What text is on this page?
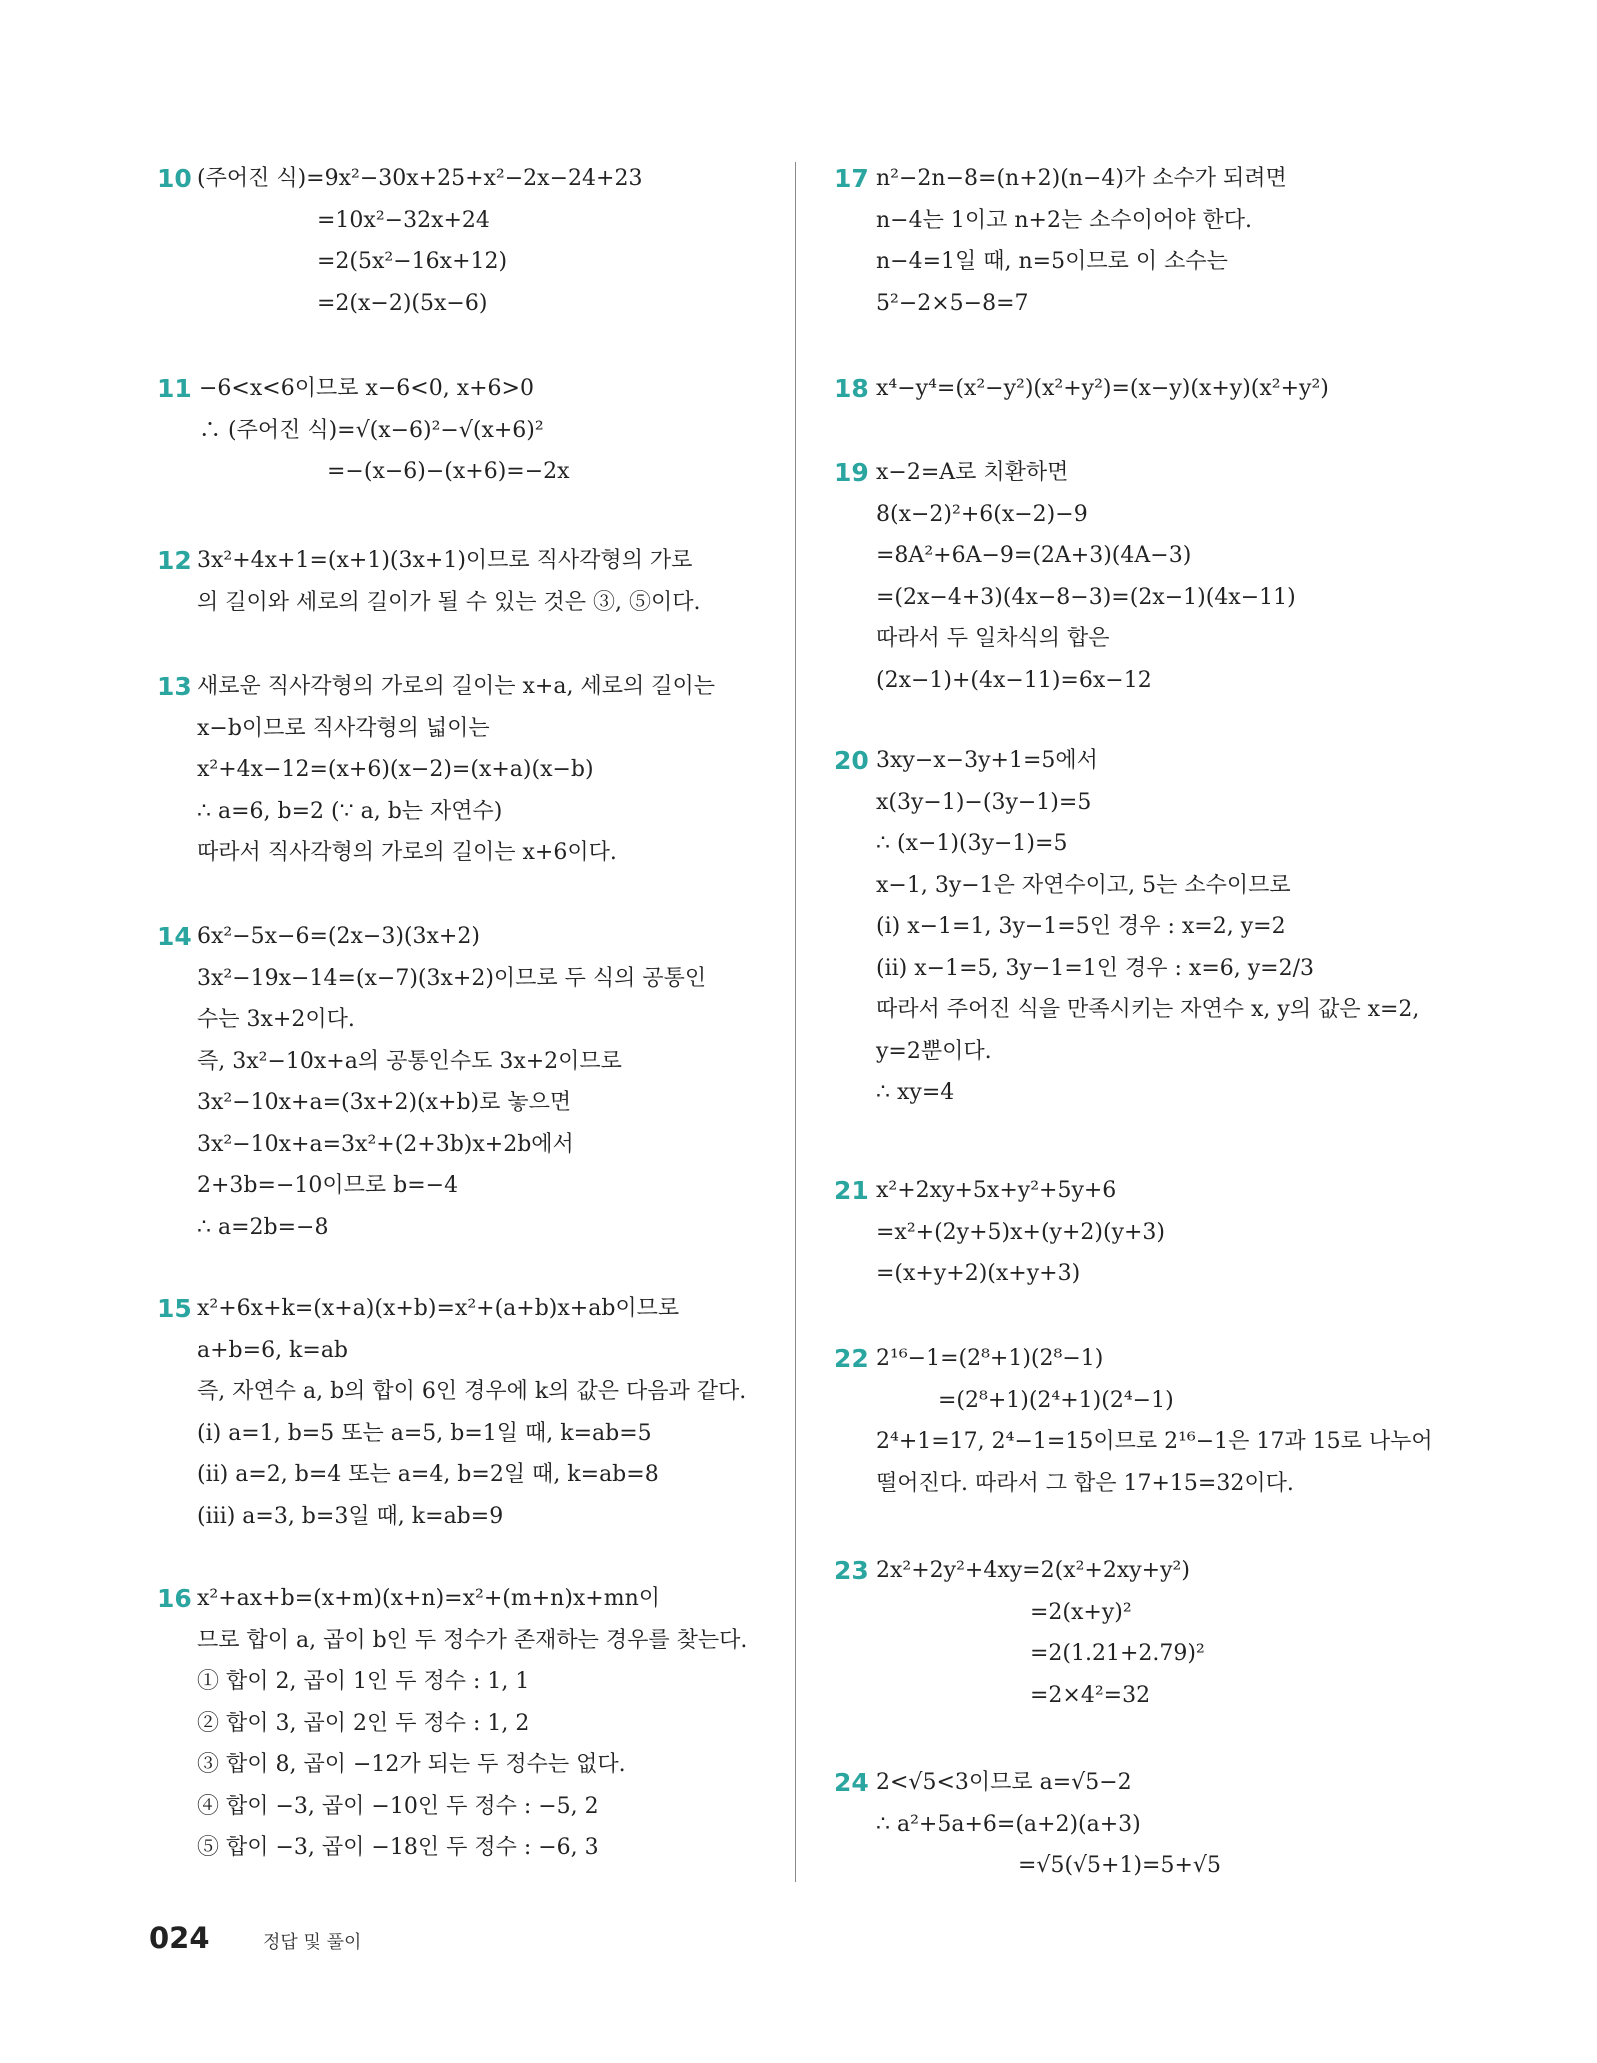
10 (주어진 식)=9x²−30x+25+x²−2x−24+23
=10x²−32x+24
=2(5x²−16x+12)
=2(x−2)(5x−6)
11 −6<x<6이므로 x−6<0, x+6>0
∴ (주어진 식)=√(x−6)²−√(x+6)²
=−(x−6)−(x+6)=−2x
12 3x²+4x+1=(x+1)(3x+1)이므로 직사각형의 가로
의 길이와 세로의 길이가 될 수 있는 것은 ③, ⑤이다.
13 새로운 직사각형의 가로의 길이는 x+a, 세로의 길이는
x−b이므로 직사각형의 넓이는
x²+4x−12=(x+6)(x−2)=(x+a)(x−b)
∴ a=6, b=2 (∵ a, b는 자연수)
따라서 직사각형의 가로의 길이는 x+6이다.
14 6x²−5x−6=(2x−3)(3x+2)
3x²−19x−14=(x−7)(3x+2)이므로 두 식의 공통인
수는 3x+2이다.
즉, 3x²−10x+a의 공통인수도 3x+2이므로
3x²−10x+a=(3x+2)(x+b)로 놓으면
3x²−10x+a=3x²+(2+3b)x+2b에서
2+3b=−10이므로 b=−4
∴ a=2b=−8
15 x²+6x+k=(x+a)(x+b)=x²+(a+b)x+ab이므로
a+b=6, k=ab
즉, 자연수 a, b의 합이 6인 경우에 k의 값은 다음과 같다.
(ⅰ) a=1, b=5 또는 a=5, b=1일 때, k=ab=5
(ⅱ) a=2, b=4 또는 a=4, b=2일 때, k=ab=8
(ⅲ) a=3, b=3일 때, k=ab=9
16 x²+ax+b=(x+m)(x+n)=x²+(m+n)x+mn이
므로 합이 a, 곱이 b인 두 정수가 존재하는 경우를 찾는다.
① 합이 2, 곱이 1인 두 정수 : 1, 1
② 합이 3, 곱이 2인 두 정수 : 1, 2
③ 합이 8, 곱이 −12가 되는 두 정수는 없다.
④ 합이 −3, 곱이 −10인 두 정수 : −5, 2
⑤ 합이 −3, 곱이 −18인 두 정수 : −6, 3
17 n²−2n−8=(n+2)(n−4)가 소수가 되려면
n−4는 1이고 n+2는 소수이어야 한다.
n−4=1일 때, n=5이므로 이 소수는
5²−2×5−8=7
18 x⁴−y⁴=(x²−y²)(x²+y²)=(x−y)(x+y)(x²+y²)
19 x−2=A로 치환하면
8(x−2)²+6(x−2)−9
=8A²+6A−9=(2A+3)(4A−3)
=(2x−4+3)(4x−8−3)=(2x−1)(4x−11)
따라서 두 일차식의 합은
(2x−1)+(4x−11)=6x−12
20 3xy−x−3y+1=5에서
x(3y−1)−(3y−1)=5
∴ (x−1)(3y−1)=5
x−1, 3y−1은 자연수이고, 5는 소수이므로
(ⅰ) x−1=1, 3y−1=5인 경우 : x=2, y=2
(ⅱ) x−1=5, 3y−1=1인 경우 : x=6, y=2/3
따라서 주어진 식을 만족시키는 자연수 x, y의 값은 x=2,
y=2뿐이다.
∴ xy=4
21 x²+2xy+5x+y²+5y+6
=x²+(2y+5)x+(y+2)(y+3)
=(x+y+2)(x+y+3)
22 2¹⁶−1=(2⁸+1)(2⁸−1)
=(2⁸+1)(2⁴+1)(2⁴−1)
2⁴+1=17, 2⁴−1=15이므로 2¹⁶−1은 17과 15로 나누어
떨어진다. 따라서 그 합은 17+15=32이다.
23 2x²+2y²+4xy=2(x²+2xy+y²)
=2(x+y)²
=2(1.21+2.79)²
=2×4²=32
24 2<√5<3이므로 a=√5−2
∴ a²+5a+6=(a+2)(a+3)
=√5(√5+1)=5+√5
024	정답 및 풀이
